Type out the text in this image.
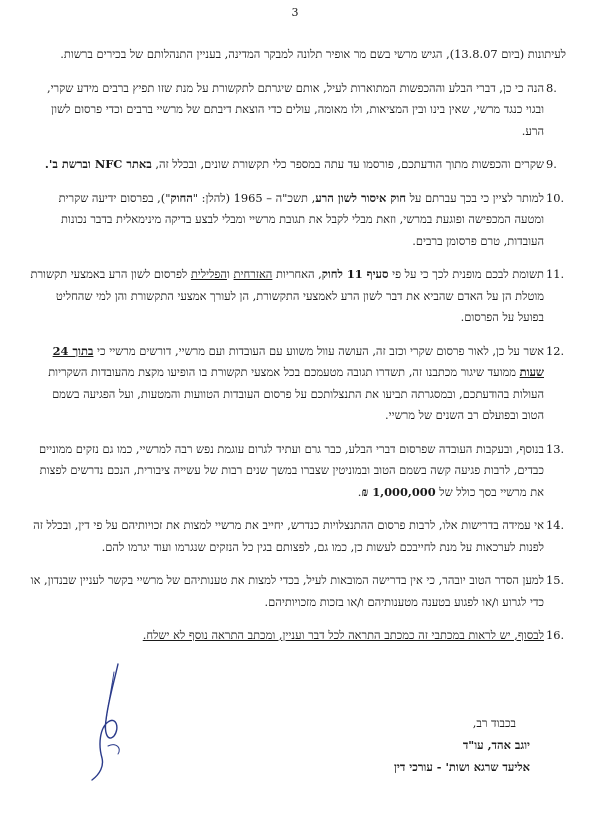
3

לעיתונות (ביום 13.8.07), הגיש מרשי בשם מר אופיר תלונה למבקר המדינה, בעניין התנהלותם של בכירים ברשות.

.8
הנה כי כן, דברי הבלע וההכפשות המתוארות לעיל, אותם שיגרתם לתקשורת על מנת שזו תפיץ ברבים מידע שקרי, ובגוי כנגד מרשי, שאין בינו ובין המציאות, ולו מאומה, עולים כדי הוצאת דיבתם של מרשיי ברבים וכדי פרסום לשון הרע.
.9
שקרים והכפשות מתוך הודעתכם, פורסמו עד עתה במספר כלי תקשורת שונים, ובכלל זה, באתר NFC וברשת ב'.
.10
למותר לציין כי בכך עברתם על חוק איסור לשון הרע, תשכ"ה – 1965 (להלן: "החוק"), בפרסום ידיעה שקרית ומטעה המכפישה ופוגעת במרשי, וזאת מבלי לקבל את תגובת מרשיי ומבלי לבצע בדיקה מינימאלית בדבר נכונות העובדות, טרם פרסומן ברבים.
.11
תשומת לבכם מופנית לכך כי על פי סעיף 11 לחוק, האחריות האזרחית והפלילית לפרסום לשון הרע באמצעי תקשורת מוטלת הן על האדם שהביא את דבר לשון הרע לאמצעי התקשורת, הן לעורך אמצעי התקשורת והן למי שהחליט בפועל על הפרסום.
.12
אשר על כן, לאור פרסום שקרי וכזב זה, העושה עוול משווע עם העובדות ועם מרשיי, דורשים מרשיי כי בתוך 24 שעות ממועד שיגור מכתבנו זה, תשדרו תגובה מטעמכם בכל אמצעי תקשורת בו הופיעו מקצת מהעובדות השקריות העולות בהודעתכם, ובמסגרתה תביעו את התנצלותכם על פרסום העובדות הטוועות והמטעות, ועל הפגיעה בשמם הטוב ובפועלם רב השנים של מרשיי.
.13
בנוסף, ובעקבות העובדה שפרסום דברי הבלע, כבר גרם ועתיד לגרום עוגמת נפש רבה למרשיי, כמו גם נזקים ממוניים כבדים, לרבות פגיעה קשה בשמם הטוב ובמוניטין שצברו במשך שנים רבות של עשייה ציבורית, הנכם נדרשים לפצות את מרשיי בסך כולל של 1,000,000 ₪.
.14
אי עמידה בדרישות אלו, לרבות פרסום ההתנצלויות כנדרש, יחייב את מרשיי למצות את זכויותיהם על פי דין, ובכלל זה לפנות לערכאות על מנת לחייבכם לעשות כן, כמו גם, לפצותם בגין כל הנזקים שנגרמו ועוד יגרמו להם.
.15
למען הסדר הטוב יובהר, כי אין בדרישה המובאות לעיל, בכדי למצות את טענותיהם של מרשיי בקשר לעניין שבנדון, או כדי לגרוע ו/או לפגוע בטענה מטענותיהם ו/או בזכות מזכויותיהם.
.16
לבסוף, יש לראות במכתבי זה כמכתב התראה לכל דבר ועניין, ומכתב התראה נוסף לא ישלח.
בכבוד רב,
יוגב אהד, עו"ד
אליעד שרגא ושות' - עורכי דין
